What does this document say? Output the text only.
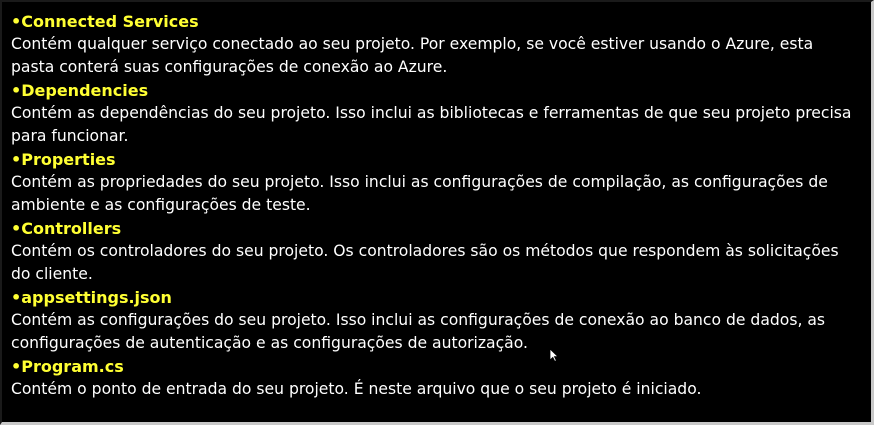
•Connected Services
Contém qualquer serviço conectado ao seu projeto. Por exemplo, se você estiver usando o Azure, esta pasta conterá suas configurações de conexão ao Azure.
•Dependencies
Contém as dependências do seu projeto. Isso inclui as bibliotecas e ferramentas de que seu projeto precisa para funcionar.
•Properties
Contém as propriedades do seu projeto. Isso inclui as configurações de compilação, as configurações de ambiente e as configurações de teste.
•Controllers
Contém os controladores do seu projeto. Os controladores são os métodos que respondem às solicitações do cliente.
•appsettings.json
Contém as configurações do seu projeto. Isso inclui as configurações de conexão ao banco de dados, as configurações de autenticação e as configurações de autorização.
•Program.cs
Contém o ponto de entrada do seu projeto. É neste arquivo que o seu projeto é iniciado.
